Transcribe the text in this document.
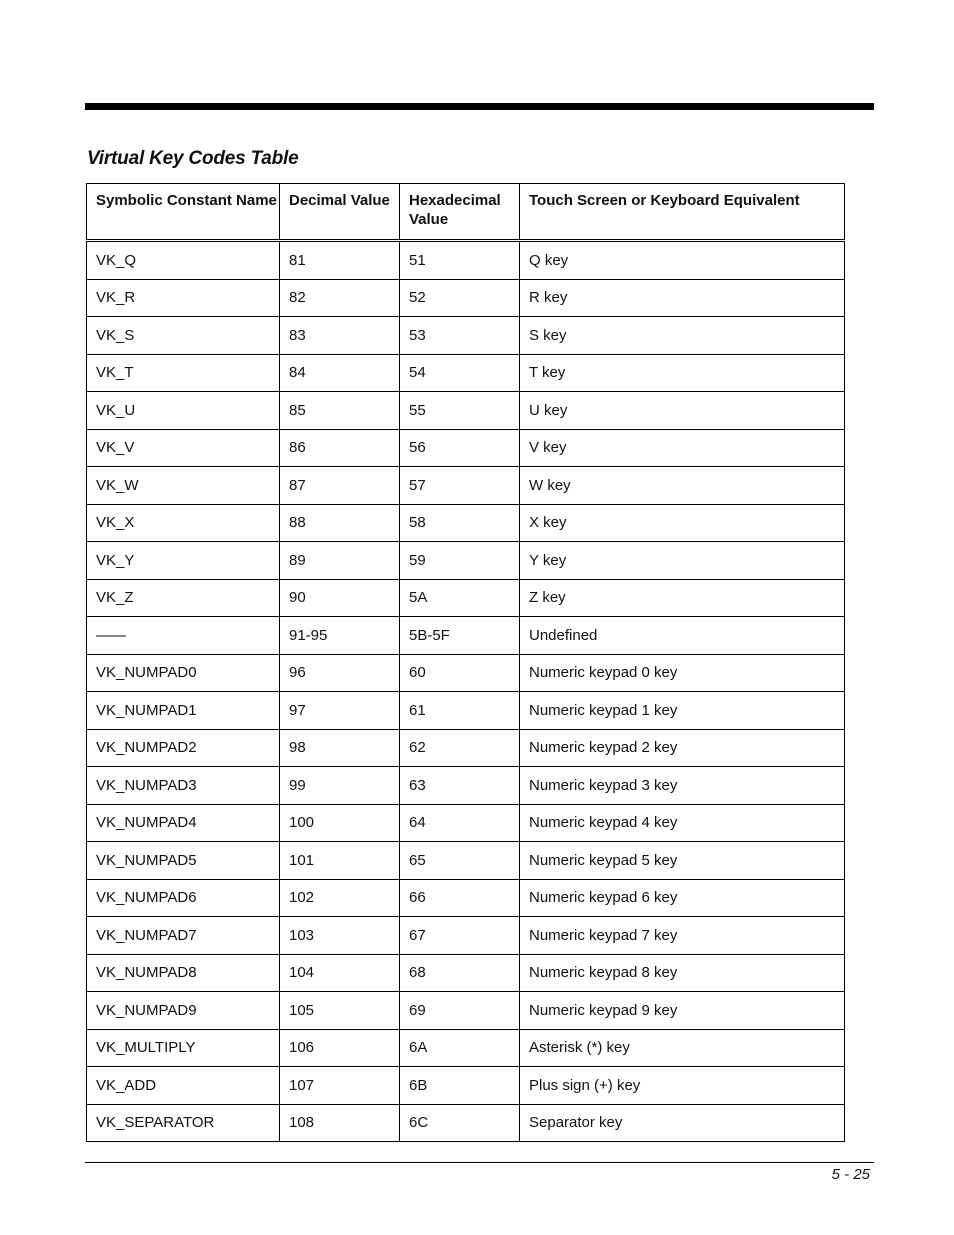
Virtual Key Codes Table
Symbolic Constant Name	Decimal Value	Hexadecimal Value	Touch Screen or Keyboard Equivalent
VK_Q	81	51	Q key
VK_R	82	52	R key
VK_S	83	53	S key
VK_T	84	54	T key
VK_U	85	55	U key
VK_V	86	56	V key
VK_W	87	57	W key
VK_X	88	58	X key
VK_Y	89	59	Y key
VK_Z	90	5A	Z key
——	91-95	5B-5F	Undefined
VK_NUMPAD0	96	60	Numeric keypad 0 key
VK_NUMPAD1	97	61	Numeric keypad 1 key
VK_NUMPAD2	98	62	Numeric keypad 2 key
VK_NUMPAD3	99	63	Numeric keypad 3 key
VK_NUMPAD4	100	64	Numeric keypad 4 key
VK_NUMPAD5	101	65	Numeric keypad 5 key
VK_NUMPAD6	102	66	Numeric keypad 6 key
VK_NUMPAD7	103	67	Numeric keypad 7 key
VK_NUMPAD8	104	68	Numeric keypad 8 key
VK_NUMPAD9	105	69	Numeric keypad 9 key
VK_MULTIPLY	106	6A	Asterisk (*) key
VK_ADD	107	6B	Plus sign (+) key
VK_SEPARATOR	108	6C	Separator key
5 - 25
